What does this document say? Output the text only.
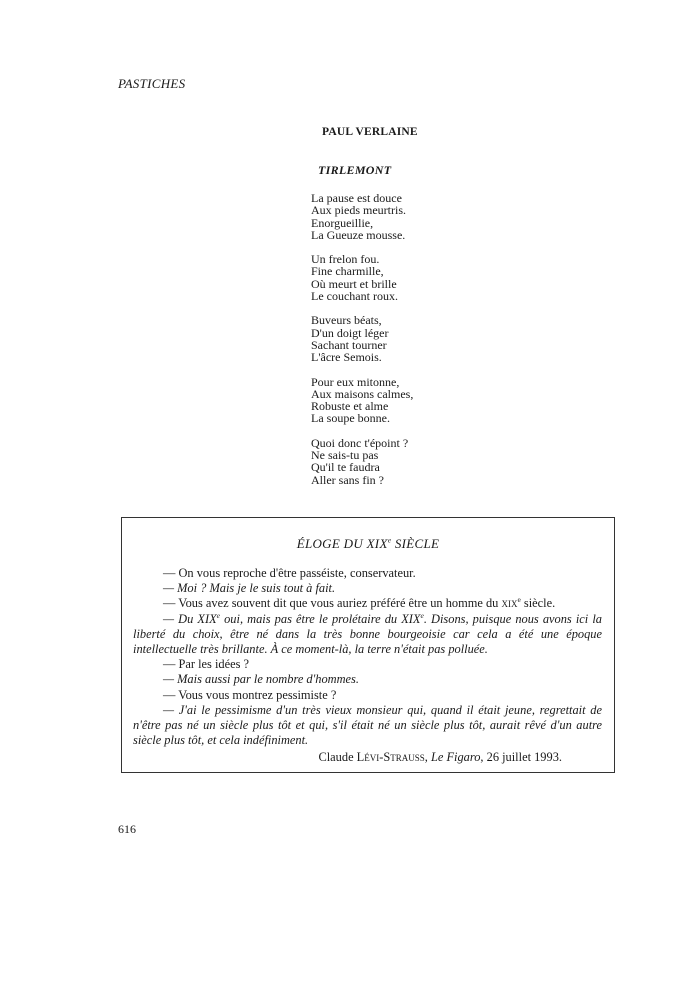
PASTICHES
PAUL VERLAINE
TIRLEMONT
La pause est douce
Aux pieds meurtris.
Enorgueillie,
La Gueuze mousse.
Un frelon fou.
Fine charmille,
Où meurt et brille
Le couchant roux.
Buveurs béats,
D'un doigt léger
Sachant tourner
L'âcre Semois.
Pour eux mitonne,
Aux maisons calmes,
Robuste et alme
La soupe bonne.
Quoi donc t'époint ?
Ne sais-tu pas
Qu'il te faudra
Aller sans fin ?
ÉLOGE DU XIXe SIÈCLE

— On vous reproche d'être passéiste, conservateur.

— Moi ? Mais je le suis tout à fait.

— Vous avez souvent dit que vous auriez préféré être un homme du xix$^e$ siècle.

— Du XIXe oui, mais pas être le prolétaire du XIXe. Disons, puisque nous avons ici la liberté du choix, être né dans la très bonne bourgeoisie car cela a été une époque intellectuelle très brillante. À ce moment-là, la terre n'était pas polluée.

— Par les idées ?

— Mais aussi par le nombre d'hommes.

— Vous vous montrez pessimiste ?

— J'ai le pessimisme d'un très vieux monsieur qui, quand il était jeune, regrettait de n'être pas né un siècle plus tôt et qui, s'il était né un siècle plus tôt, aurait rêvé d'un autre siècle plus tôt, et cela indéfiniment.

Claude Lévi-Strauss, Le Figaro, 26 juillet 1993.
616
